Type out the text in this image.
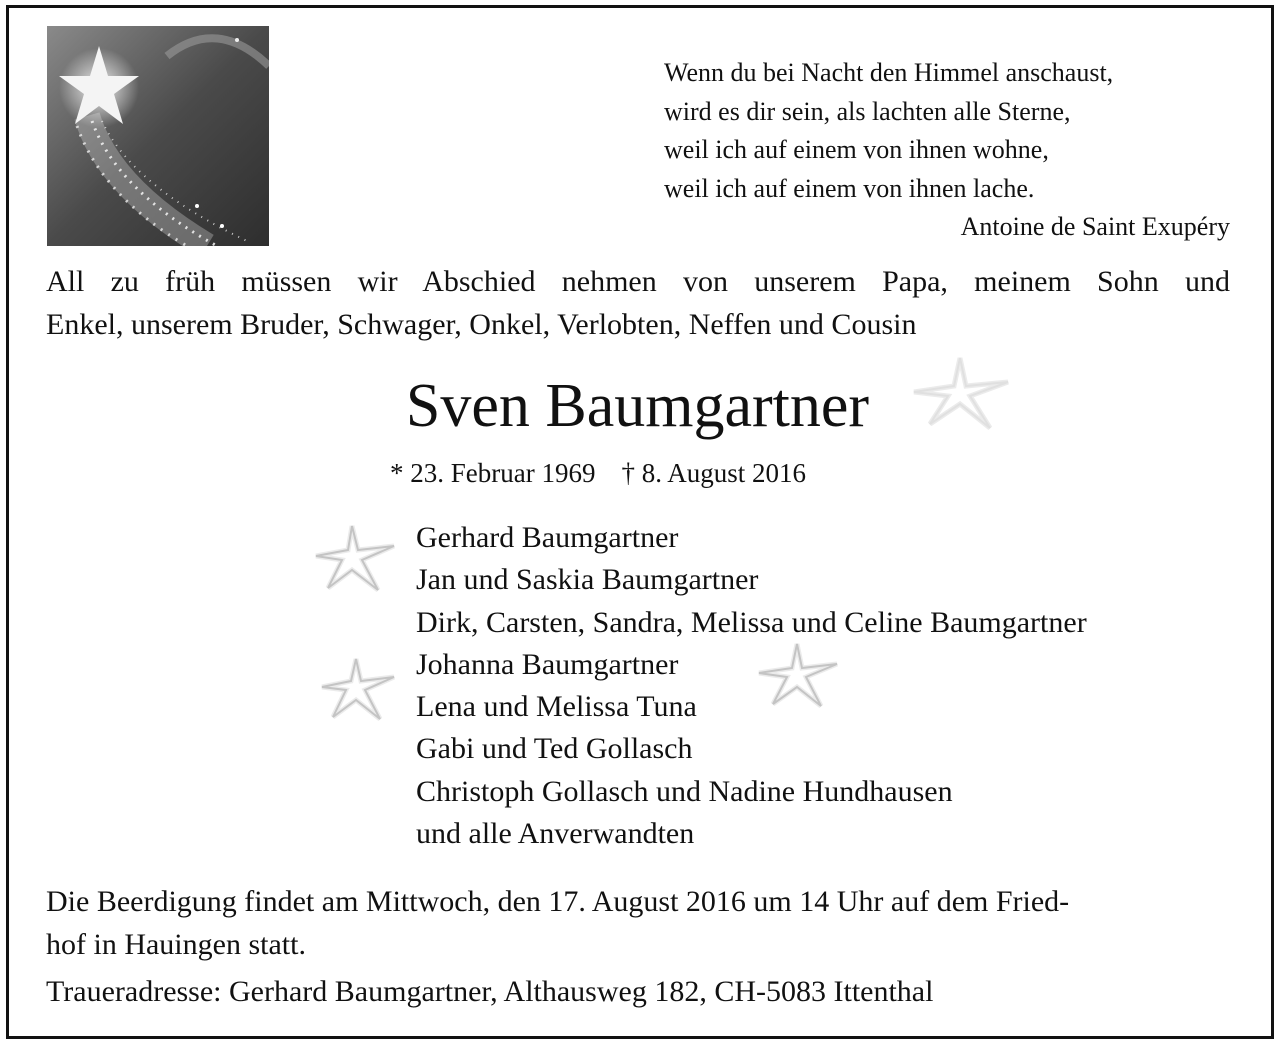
Wenn du bei Nacht den Himmel anschaust,
wird es dir sein, als lachten alle Sterne,
weil ich auf einem von ihnen wohne,
weil ich auf einem von ihnen lache.
Antoine de Saint Exupéry
All zu früh müssen wir Abschied nehmen von unserem Papa, meinem Sohn und
Enkel, unserem Bruder, Schwager, Onkel, Verlobten, Neffen und Cousin
Sven Baumgartner
* 23. Februar 1969 † 8. August 2016
Gerhard Baumgartner
Jan und Saskia Baumgartner
Dirk, Carsten, Sandra, Melissa und Celine Baumgartner
Johanna Baumgartner
Lena und Melissa Tuna
Gabi und Ted Gollasch
Christoph Gollasch und Nadine Hundhausen
und alle Anverwandten
Die Beerdigung findet am Mittwoch, den 17. August 2016 um 14 Uhr auf dem Fried-
hof in Hauingen statt.
Traueradresse: Gerhard Baumgartner, Althausweg 182, CH-5083 Ittenthal
